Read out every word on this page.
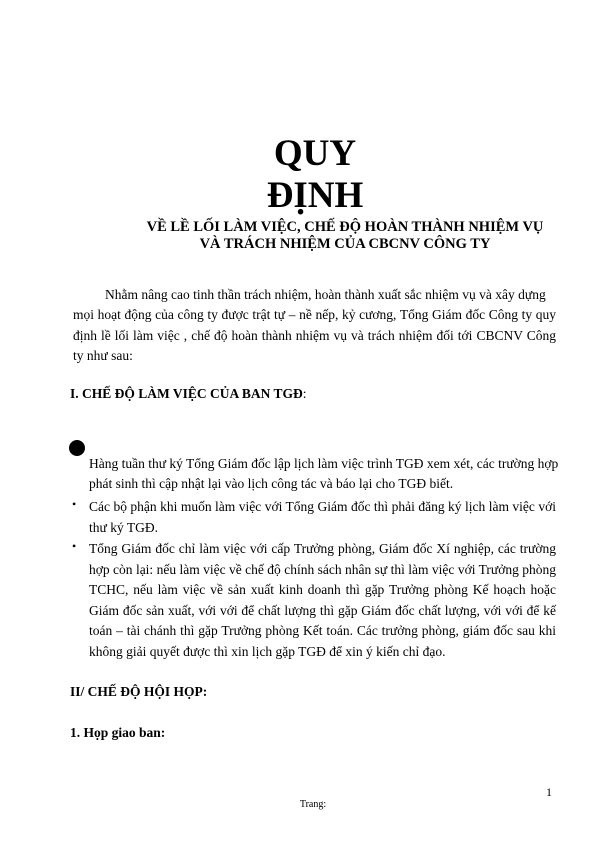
QUY
ĐỊNH
VỀ LỀ LỐI LÀM VIỆC, CHẾ ĐỘ HOÀN THÀNH NHIỆM VỤ
VÀ TRÁCH NHIỆM CỦA CBCNV CÔNG TY

Nhằm nâng cao tinh thần trách nhiệm, hoàn thành xuất sắc nhiệm vụ và xây dựng

mọi hoạt động của công ty được trật tự – nề nếp, kỷ cương, Tổng Giám đốc Công ty quy định lề lối làm việc , chế độ hoàn thành nhiệm vụ và trách nhiệm đối tới CBCNV Công ty như sau:

I. CHẾ ĐỘ LÀM VIỆC CỦA BAN TGĐ:

Hàng tuần thư ký Tổng Giám đốc lập lịch làm việc trình TGĐ xem xét, các trường hợp

phát sinh thì cập nhật lại vào lịch công tác và báo lại cho TGĐ biết.

• Các bộ phận khi muốn làm việc với Tổng Giám đốc thì phải đăng ký lịch làm việc với thư ký TGĐ.

• Tổng Giám đốc chỉ làm việc với cấp Trưởng phòng, Giám đốc Xí nghiệp, các trường hợp còn lại: nếu làm việc về chế độ chính sách nhân sự thì làm việc với Trưởng phòng TCHC, nếu làm việc về sản xuất kinh doanh thì gặp Trưởng phòng Kế hoạch hoặc Giám đốc sản xuất, với với để chất lượng thì gặp Giám đốc chất lượng, với với để kế toán – tài chánh thì gặp Trưởng phòng Kết toán. Các trưởng phòng, giám đốc sau khi không giải quyết được thì xin lịch gặp TGĐ để xin ý kiến chỉ đạo.

II/ CHẾ ĐỘ HỘI HỌP:

1. Họp giao ban:

1
Trang:
